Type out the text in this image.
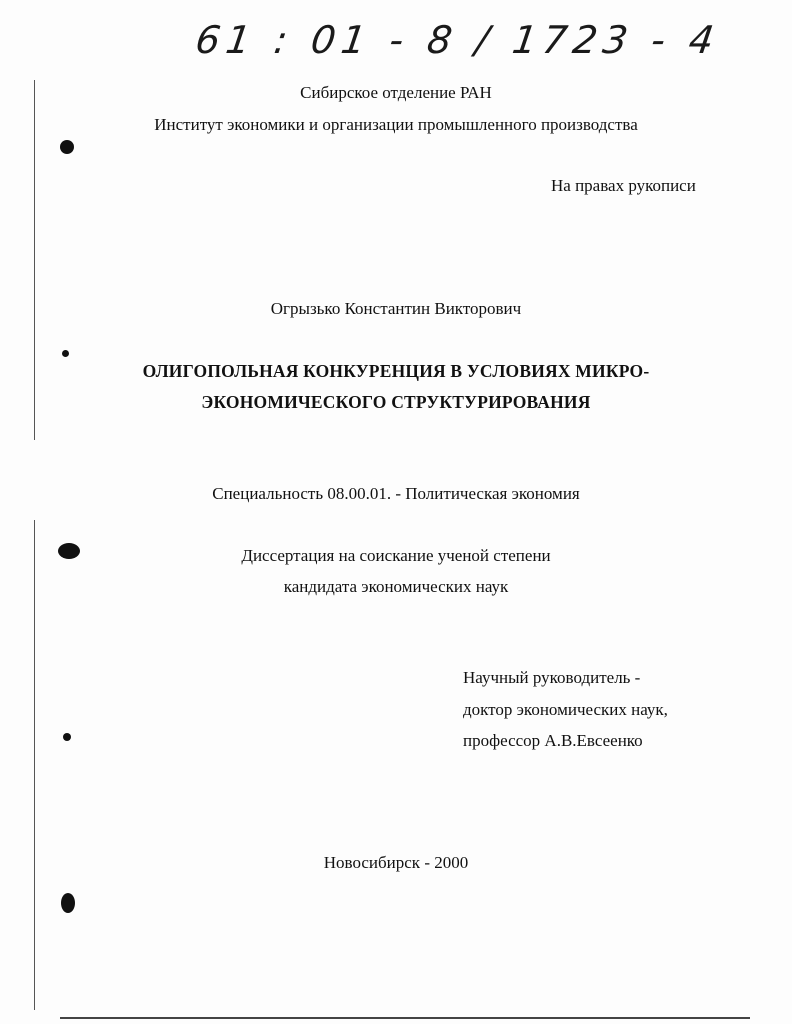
61 : 01 - 8 / 1723 - 4
Сибирское отделение РАН
Институт экономики и организации промышленного производства
На правах рукописи
Огрызько Константин Викторович
ОЛИГОПОЛЬНАЯ КОНКУРЕНЦИЯ В УСЛОВИЯХ МИКРО-
ЭКОНОМИЧЕСКОГО СТРУКТУРИРОВАНИЯ
Специальность 08.00.01. - Политическая экономия
Диссертация на соискание ученой степени
кандидата экономических наук
Научный руководитель -
доктор экономических наук,
профессор А.В.Евсеенко
Новосибирск - 2000
